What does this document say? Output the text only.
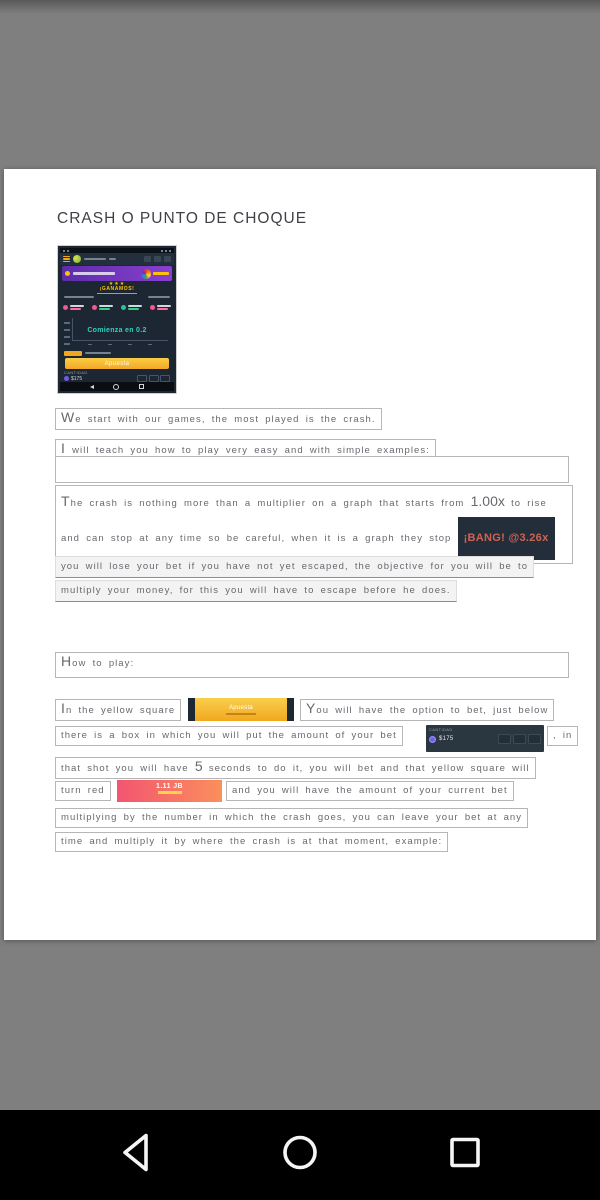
CRASH O PUNTO DE CHOQUE
★★★
¡GANAMOS!
Comienza en 0.2
Apuesta
CANTIDAD
$175
We start with our games, the most played is the crash.
I will teach you how to play very easy and with simple examples:
The crash is nothing more than a multiplier on a graph that starts from 1.00x to rise and can stop at any time so be careful, when it is a graph they stop ¡BANG! @3.26x
you will lose your bet if you have not yet escaped, the objective for you will be to
multiply your money, for this you will have to escape before he does.
How to play:
In the yellow square	Apuesta	You will have the option to bet, just below
there is a box in which you will put the amount of your bet
CANTIDAD
$175	, in
that shot you will have 5 seconds to do it, you will bet and that yellow square will
turn red	1.11 JB	and you will have the amount of your current bet
multiplying by the number in which the crash goes, you can leave your bet at any
time and multiply it by where the crash is at that moment, example:
